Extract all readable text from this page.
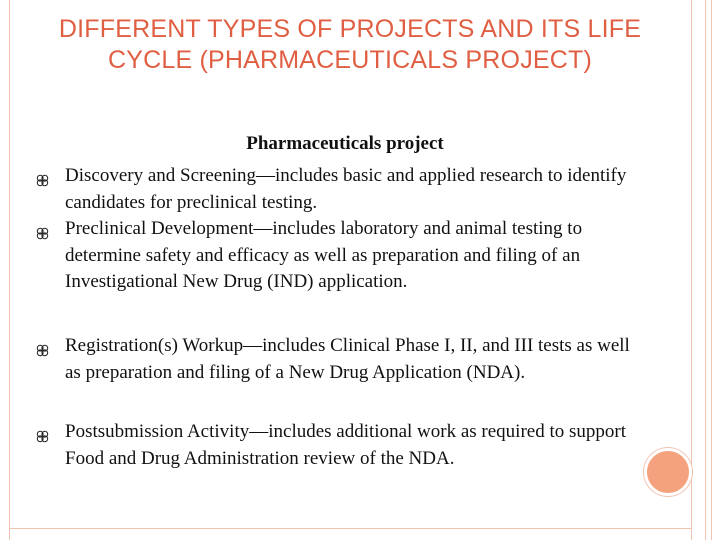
DIFFERENT TYPES OF PROJECTS AND ITS LIFE CYCLE (PHARMACEUTICALS PROJECT)
Pharmaceuticals project
Discovery and Screening—includes basic and applied research to identify candidates for preclinical testing.
Preclinical Development—includes laboratory and animal testing to determine safety and efficacy as well as preparation and filing of an Investigational New Drug (IND) application.
Registration(s) Workup—includes Clinical Phase I, II, and III tests as well as preparation and filing of a New Drug Application (NDA).
Postsubmission Activity—includes additional work as required to support Food and Drug Administration review of the NDA.
